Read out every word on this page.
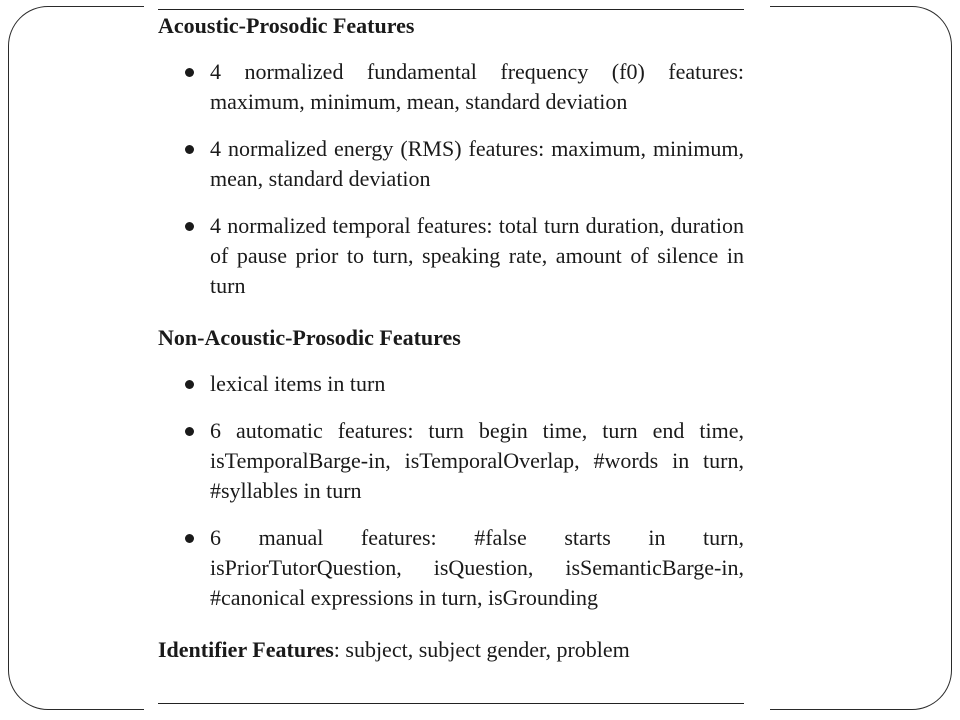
Acoustic-Prosodic Features
4 normalized fundamental frequency (f0) features: maximum, minimum, mean, standard deviation
4 normalized energy (RMS) features: maximum, minimum, mean, standard deviation
4 normalized temporal features: total turn duration, duration of pause prior to turn, speaking rate, amount of silence in turn
Non-Acoustic-Prosodic Features
lexical items in turn
6 automatic features: turn begin time, turn end time, isTemporalBarge-in, isTemporalOverlap, #words in turn, #syllables in turn
6 manual features: #false starts in turn, isPriorTutorQuestion, isQuestion, isSemanticBarge-in, #canonical expressions in turn, isGrounding
Identifier Features: subject, subject gender, problem
